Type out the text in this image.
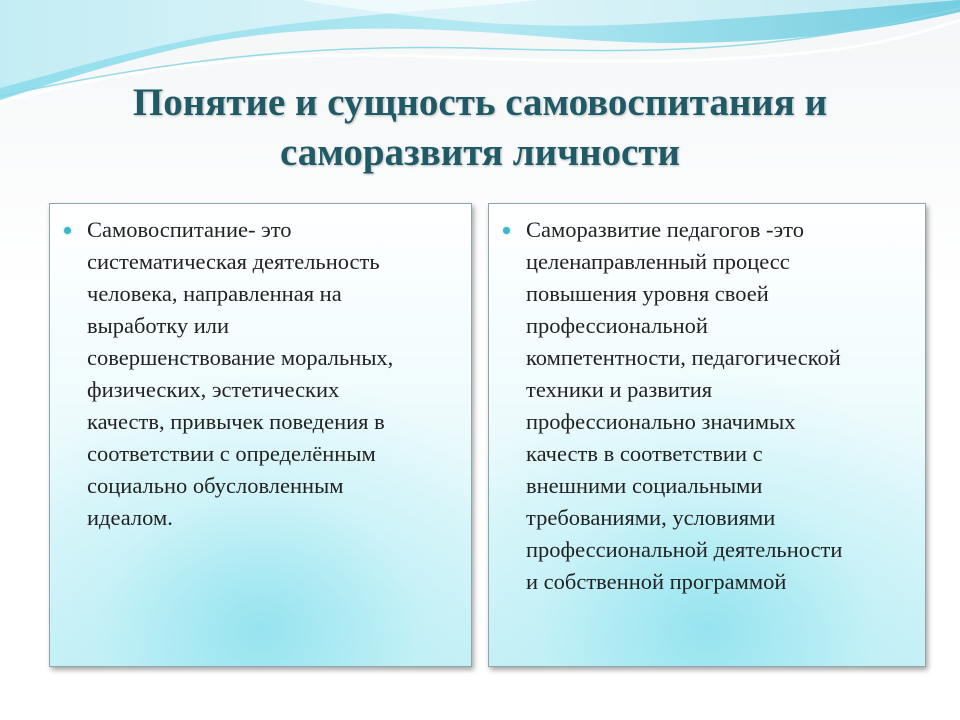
Понятие и сущность самовоспитания и
саморазвитя личности
Самовоспитание- это
систематическая деятельность
человека, направленная на
выработку или
совершенствование моральных,
физических, эстетических
качеств, привычек поведения в
соответствии с определённым
социально обусловленным
идеалом.
Саморазвитие педагогов -это
целенаправленный процесс
повышения уровня своей
профессиональной
компетентности, педагогической
техники и развития
профессионально значимых
качеств в соответствии с
внешними социальными
требованиями, условиями
профессиональной деятельности
и собственной программой
